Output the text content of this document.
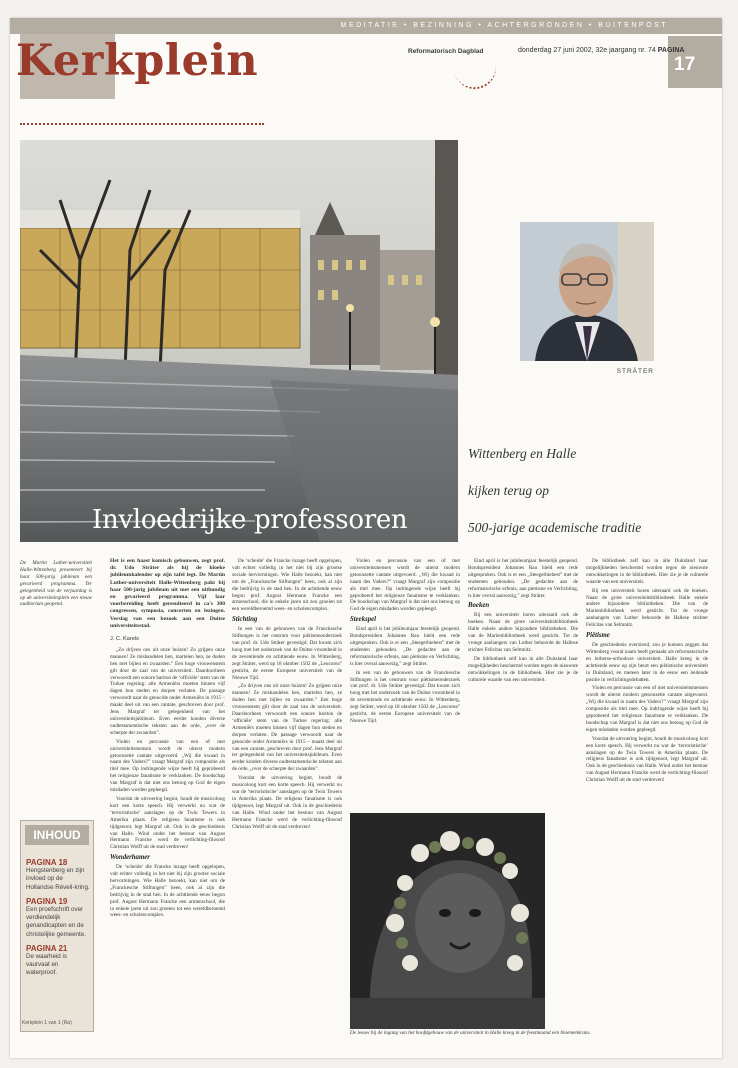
MEDITATIE • BEZINNING • ACHTERGRONDEN • BUITENPOST
17
Kerkplein	Reformatorisch Dagblad	donderdag 27 juni 2002, 32e jaargang nr. 74 PAGINA
Invloedrijke professoren
STRÄTER
Wittenberg en Halle
kijken terug op
500-jarige academische traditie
De Martin Luther-universiteit Halle-Wittenberg presenteert bij haar 500-jarig jubileum een gevarieerd programma. Ter gelegenheid van de verjaardag is op de universiteitsplein een nieuw auditorium geopend.

Het is een haast komisch gebouwen, zegt prof. dr. Udo Sträter als hij de kloeke jubileumkalender op zijn tafel legt. De Martin Luther-universiteit Halle-Wittenberg pakt bij haar 500-jarig jubileum uit met een uitbundig en gevarieerd programma. Vijf laar voorbereiding heeft geresulteerd in ca's 300 congressen, symposia, concerten en lezingen. Verslag van een bezoek aan een Duitse universiteitsstad.

J. C. Karels

„Zo drijven ons uit onze huizen! Zo grijpen onze mannen! Ze mishandelen hen, martelen hen, ze doden hen met bijlen en zwaarden.” Een hoge vrouwenstem gilt door de zaal van de universiteit. Daardoorheen verwoordt een sonore bariton de ‘officiële’ stem van de Turkse regering: alle Armeniërs moeten binnen vijf dagen hun steden en dorpen verlaten. De passage verwoordt naar de genocide onder Armeniërs in 1915 – maakt deel uit van een cantate, geschreven door prof. Jens Margraf ter gelegenheid van het universiteitsjubileum. Even eerder konden diverse oudtestamentische teksten aan de orde, „over de scherpte der zwaarden”.

Violen en percussie van een of met universiteitsmensen wordt de uiterst modern getoonzette cantate uitgevoerd. „Wij die kwaad in naam des Vaders?” vraagt Margraf zijn compositie als titel mee. Op indringende wijze heeft hij geprobeerd het religieuze fanatisme te verklanken. De boodschap van Margraf is dat niet ons betoog op God de eigen misdaden worden gepleegd.

Voordat de uitvoering begint, houdt de musicoloog kort een korte speech. Hij verwerkt nu wat de ‘terroristische’ aanslagen op de Twin Towers in Amerika plaats. De religieus fanatisme is ook tijdgenoot, legt Margraf uit. Ook in de geschiedenis van Halle. Wind onder het bestuur van August Hermann Francke werd de verlichting-filosoof Christian Wolff uit de stad verdreven!

Wonderhamer

De ‘scheide’ die Francke inzage heeft opgelopen, valt echter volledig in het niet bij zijn grootse sociale hervormingen. Wie Halle bezoekt, kan niet om de „Franckesche Stiftungen” heen, ook al zijn die bedrijvig in de stad hen. In de achttiende eeuw begon prof. August Hermann Francke een armenschool, die in enkele jaren uit zou groeien tot een wereldberoemd wees- en scholencomplex.

De ‘scheide’ die Francke inzage heeft opgelopen, valt echter volledig in het niet bij zijn grootse sociale hervormingen. Wie Halle bezoekt, kan niet om de „Franckesche Stiftungen” heen, ook al zijn die bedrijvig in de stad hen. In de achttiende eeuw begon prof. August Hermann Francke een armenschool, die in enkele jaren uit zou groeien tot een wereldberoemd wees- en scholencomplex.

Stichting

In een van de gebouwen van de Franckesche Stiftungen is het centrum voor piëtismeonderzoek van prof. dr. Udo Sträter gevestigd. Dat kwam zich hoog met het onderzoek van de Duitse vroomheid in de zeventiende en achttiende eeuw. In Wittenberg, zegt Sträter, werd op 18 oktober 1502 de „Leucorea” gesticht, de eerste Europese universiteit van de Nieuwe Tijd.

„Zo drijven ons uit onze huizen! Zo grijpen onze mannen! Ze mishandelen hen, martelen hen, ze doden hen met bijlen en zwaarden.” Een hoge vrouwenstem gilt door de zaal van de universiteit. Daardoorheen verwoordt een sonore bariton de ‘officiële’ stem van de Turkse regering: alle Armeniërs moeten binnen vijf dagen hun steden en dorpen verlaten. De passage verwoordt naar de genocide onder Armeniërs in 1915 – maakt deel uit van een cantate, geschreven door prof. Jens Margraf ter gelegenheid van het universiteitsjubileum. Even eerder konden diverse oudtestamentische teksten aan de orde, „over de scherpte der zwaarden”.

Voordat de uitvoering begint, houdt de musicoloog kort een korte speech. Hij verwerkt nu wat de ‘terroristische’ aanslagen op de Twin Towers in Amerika plaats. De religieus fanatisme is ook tijdgenoot, legt Margraf uit. Ook in de geschiedenis van Halle. Wind onder het bestuur van August Hermann Francke werd de verlichting-filosoof Christian Wolff uit de stad verdreven!

Violen en percussie van een of met universiteitsmensen wordt de uiterst modern getoonzette cantate uitgevoerd. „Wij die kwaad in naam des Vaders?” vraagt Margraf zijn compositie als titel mee. Op indringende wijze heeft hij geprobeerd het religieuze fanatisme te verklanken. De boodschap van Margraf is dat niet ons betoog op God de eigen misdaden worden gepleegd.

Steekspel

Eind april is het jubileumjaar feestelijk geopend. Bondspresident Johannes Rau hield een rede uitgesproken. Ook is er een „Steegerhiebest” met de studenten gehouden. „De gedachte aan de reformatorische erfenis, aan pietisme en Verlichting, is hier overal aanwezig,” zegt Sträter.

In een van de gebouwen van de Franckesche Stiftungen is het centrum voor piëtismeonderzoek van prof. dr. Udo Sträter gevestigd. Dat kwam zich hoog met het onderzoek van de Duitse vroomheid in de zeventiende en achttiende eeuw. In Wittenberg, zegt Sträter, werd op 18 oktober 1502 de „Leucorea” gesticht, de eerste Europese universiteit van de Nieuwe Tijd.

Eind april is het jubileumjaar feestelijk geopend. Bondspresident Johannes Rau hield een rede uitgesproken. Ook is er een „Steegerhiebest” met de studenten gehouden. „De gedachte aan de reformatorische erfenis, aan pietisme en Verlichting, is hier overal aanwezig,” zegt Sträter.

Boeken

Bij een universiteit horen uiteraard ook de boeken. Naast de grote universiteitsbibliotheek Halle enkele andere bijzondere bibliotheken. Die van de Marienbibliotheek werd gesticht. Tot de vroege aanhangers van Luther behoorde de Hallese stichter Felicitas van Selmnitz.

De bibliotheek zelf kan in alle Duitsland haar mogelijkheden beschermd worden tegen de nieuwste ontwikkelingen in de bibliotheek. Hier zie je de culturele waarde van een universiteit.

De bibliotheek zelf kan in alle Duitsland haar mogelijkheden beschermd worden tegen de nieuwste ontwikkelingen in de bibliotheek. Hier zie je de culturele waarde van een universiteit.

Bij een universiteit horen uiteraard ook de boeken. Naast de grote universiteitsbibliotheek Halle enkele andere bijzondere bibliotheken. Die van de Marienbibliotheek werd gesticht. Tot de vroege aanhangers van Luther behoorde de Hallese stichter Felicitas van Selmnitz.

Piëtisme

De geschiedenis overziend, zou je kunnen zeggen dat Wittenberg vooral naam heeft gemaakt als reformatorische en lutherse-orthodoxe universiteit. Halle kreeg in de achttiende eeuw op zijn beurt een piëtistische universiteit in Duitsland, en meteen later in de eeuw een leidende positie in verlichtingsdebatten.

Violen en percussie van een of met universiteitsmensen wordt de uiterst modern getoonzette cantate uitgevoerd. „Wij die kwaad in naam des Vaders?” vraagt Margraf zijn compositie als titel mee. Op indringende wijze heeft hij geprobeerd het religieuze fanatisme te verklanken. De boodschap van Margraf is dat niet ons betoog op God de eigen misdaden worden gepleegd.

Voordat de uitvoering begint, houdt de musicoloog kort een korte speech. Hij verwerkt nu wat de ‘terroristische’ aanslagen op de Twin Towers in Amerika plaats. De religieus fanatisme is ook tijdgenoot, legt Margraf uit. Ook in de geschiedenis van Halle. Wind onder het bestuur van August Hermann Francke werd de verlichting-filosoof Christian Wolff uit de stad verdreven!

De leeuw bij de ingang van het hoofdgebouw van de universiteit in Halle kreeg in de feestmaand een bloemenkrans.
INHOUD
PAGINA 18
Hengstenberg en zijn invloed op de Hollandse Réveil-kring.
PAGINA 19
Een proefschrift over verdiendelijk genandicapten en de christelijke gemeente.
PAGINA 21
De waarheid is vaurvaat en waterproof.
Kerkplein 1 van 1 (Ra)
